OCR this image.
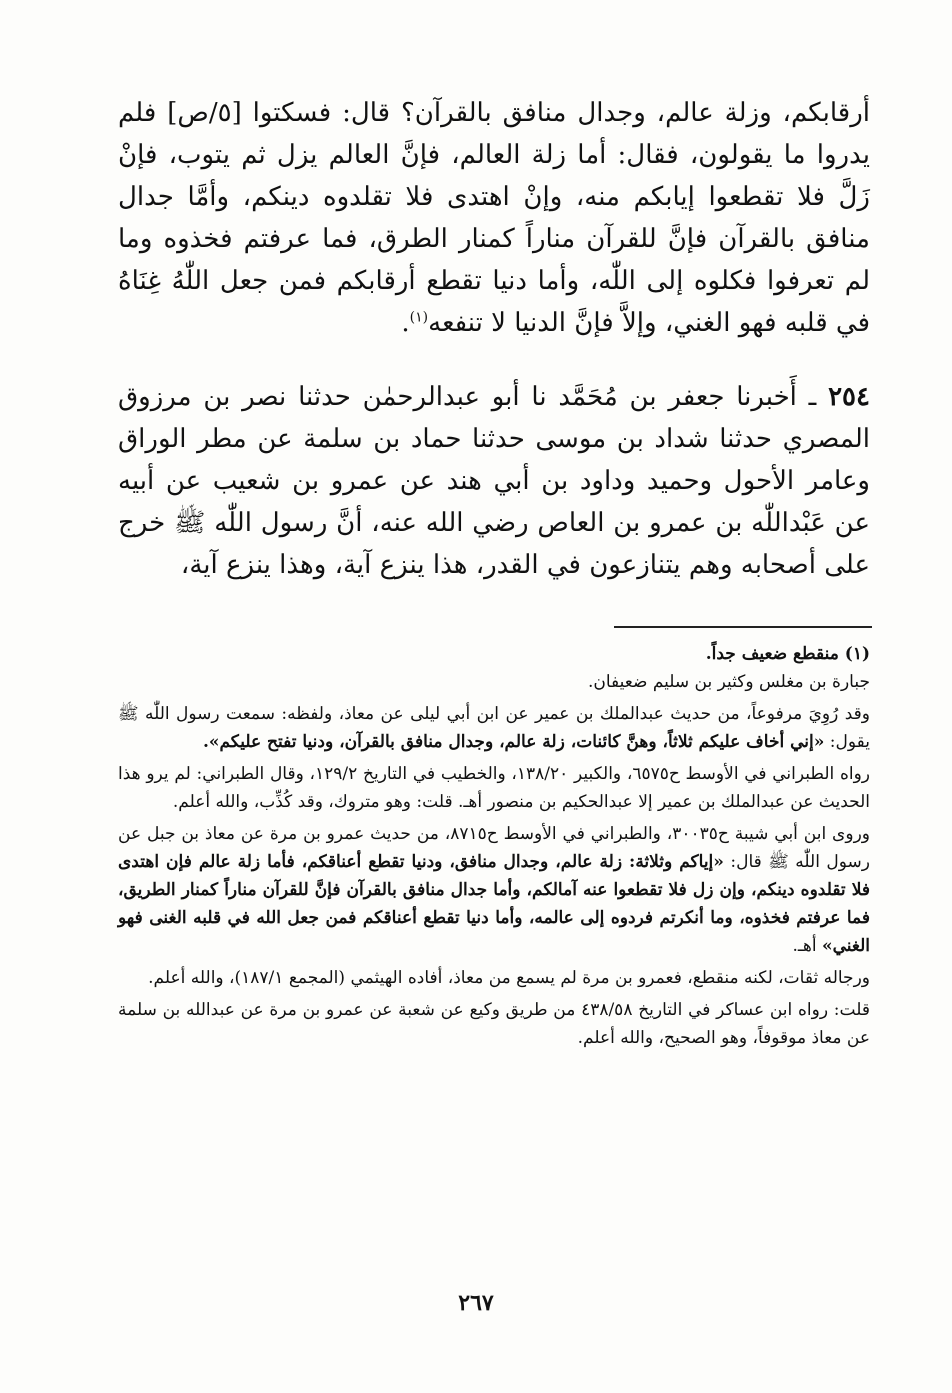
أرقابكم، وزلة عالم، وجدال منافق بالقرآن؟ قال: فسكتوا [٥/ص] فلم يدروا ما يقولون، فقال: أما زلة العالم، فإنَّ العالم يزل ثم يتوب، فإنْ زَلَّ فلا تقطعوا إيابكم منه، وإنْ اهتدى فلا تقلدوه دينكم، وأمَّا جدال منافق بالقرآن فإنَّ للقرآن مناراً كمنار الطرق، فما عرفتم فخذوه وما لم تعرفوا فكلوه إلى اللّٰه، وأما دنيا تقطع أرقابكم فمن جعل اللّٰهُ غِنَاهُ في قلبه فهو الغني، وإلاَّ فإنَّ الدنيا لا تنفعه$^{(١)}$.

٢٥٤ ـ أَخبرنا جعفر بن مُحَمَّد نا أبو عبدالرحمٰن حدثنا نصر بن مرزوق المصري حدثنا شداد بن موسى حدثنا حماد بن سلمة عن مطر الوراق وعامر الأحول وحميد وداود بن أبي هند عن عمرو بن شعيب عن أبيه عن عَبْداللّٰه بن عمرو بن العاص رضي الله عنه، أنَّ رسول اللّٰه ﷺ خرج على أصحابه وهم يتنازعون في القدر، هذا ينزع آية، وهذا ينزع آية،

(١) منقطع ضعيف جداً.

جبارة بن مغلس وكثير بن سليم ضعيفان.

وقد رُوِيَ مرفوعاً، من حديث عبدالملك بن عمير عن ابن أبي ليلى عن معاذ، ولفظه: سمعت رسول اللّٰه ﷺ يقول: «إني أخاف عليكم ثلاثاً، وهنَّ كائنات، زلة عالم، وجدال منافق بالقرآن، ودنيا تفتح عليكم».

رواه الطبراني في الأوسط ح٦٥٧٥، والكبير ١٣٨/٢٠، والخطيب في التاريخ ١٢٩/٢، وقال الطبراني: لم يرو هذا الحديث عن عبدالملك بن عمير إلا عبدالحكيم بن منصور أهـ. قلت: وهو متروك، وقد كُذِّب، والله أعلم.

وروى ابن أبي شيبة ح٣٠٠٣٥، والطبراني في الأوسط ح٨٧١٥، من حديث عمرو بن مرة عن معاذ بن جبل عن رسول اللّٰه ﷺ قال: «إياكم وثلاثة: زلة عالم، وجدال منافق، ودنيا تقطع أعناقكم، فأما زلة عالم فإن اهتدى فلا تقلدوه دينكم، وإن زل فلا تقطعوا عنه آمالكم، وأما جدال منافق بالقرآن فإنَّ للقرآن مناراً كمنار الطريق، فما عرفتم فخذوه، وما أنكرتم فردوه إلى عالمه، وأما دنيا تقطع أعناقكم فمن جعل الله في قلبه الغنى فهو الغني» أهـ.

ورجاله ثقات، لكنه منقطع، فعمرو بن مرة لم يسمع من معاذ، أفاده الهيثمي (المجمع ١٨٧/١)، والله أعلم.

قلت: رواه ابن عساكر في التاريخ ٤٣٨/٥٨ من طريق وكيع عن شعبة عن عمرو بن مرة عن عبدالله بن سلمة عن معاذ موقوفاً، وهو الصحيح، والله أعلم.

٢٦٧
